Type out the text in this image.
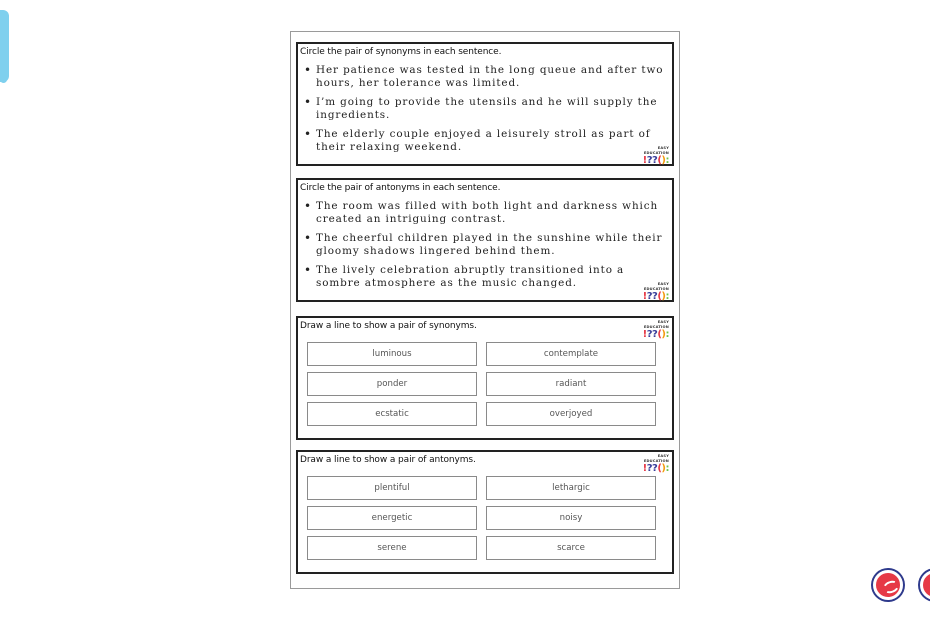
Circle the pair of synonyms in each sentence.
• Her patience was tested in the long queue and after two hours, her tolerance was limited.
• I’m going to provide the utensils and he will supply the ingredients.
• The elderly couple enjoyed a leisurely stroll as part of their relaxing weekend.	EASY EDUCATION
!??():
Circle the pair of antonyms in each sentence.
• The room was filled with both light and darkness which created an intriguing contrast.
• The cheerful children played in the sunshine while their gloomy shadows lingered behind them.
• The lively celebration abruptly transitioned into a sombre atmosphere as the music changed.	EASY EDUCATION
!??():
Draw a line to show a pair of synonyms.	EASY EDUCATION
!??():
luminous	contemplate
ponder	radiant
ecstatic	overjoyed
Draw a line to show a pair of antonyms.	EASY EDUCATION
!??():
plentiful	lethargic
energetic	noisy
serene	scarce
